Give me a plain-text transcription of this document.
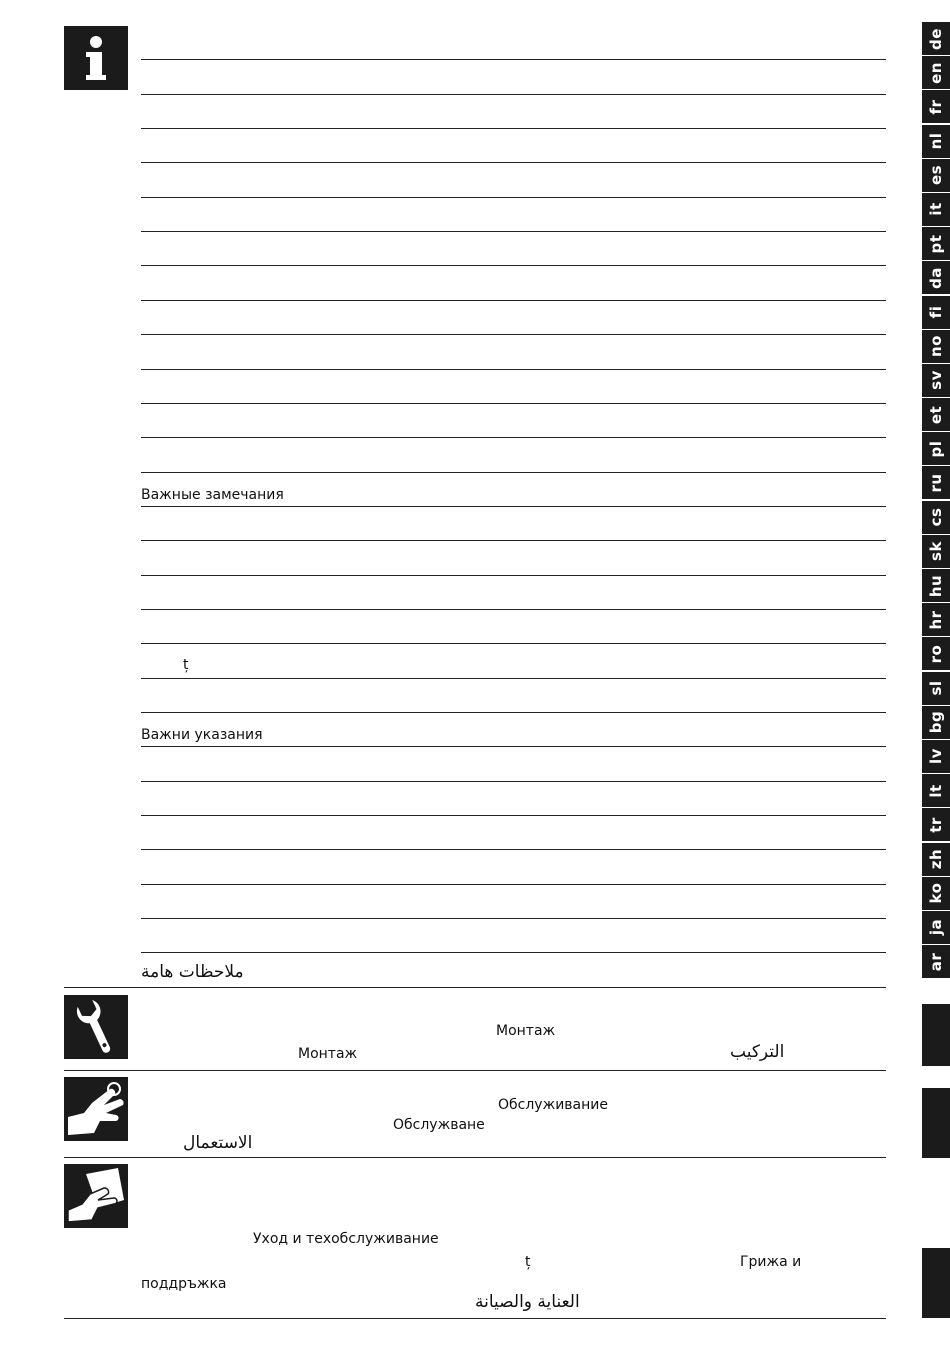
Важные замечания
ț
Важни указания
ملاحظات هامة
Монтаж
Монтаж	التركيب
Обслуживание
Обслужване
الاستعمال
Уход и техобслуживание
ț	Грижа и
поддръжка
العناية والصيانة
de
en
fr
nl
es
it
pt
da
fi
no
sv
et
pl
ru
cs
sk
hu
hr
ro
sl
bg
lv
lt
tr
zh
ko
ja
ar
